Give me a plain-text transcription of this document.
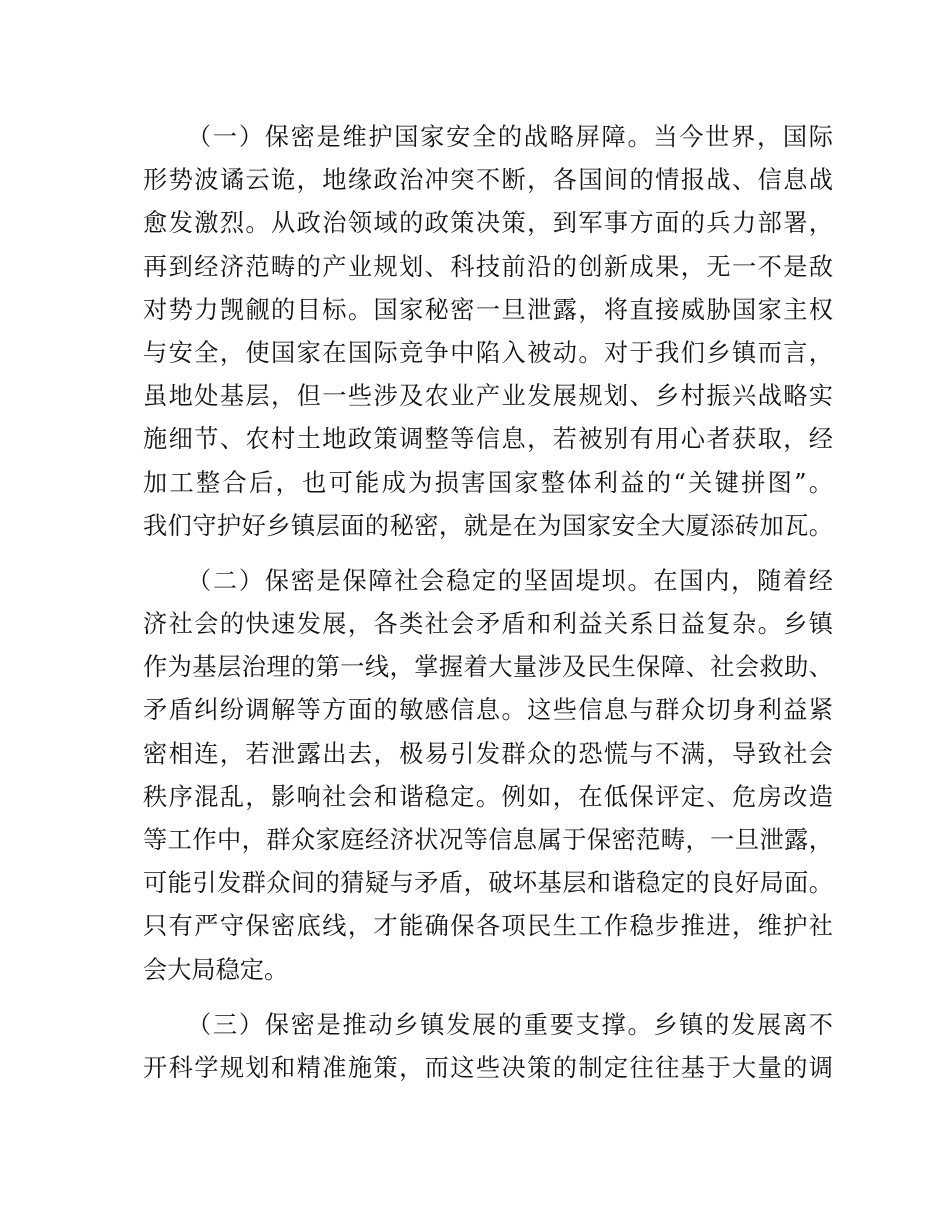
（一）保密是维护国家安全的战略屏障。当今世界，国际
形势波谲云诡，地缘政治冲突不断，各国间的情报战、信息战
愈发激烈。从政治领域的政策决策，到军事方面的兵力部署，
再到经济范畴的产业规划、科技前沿的创新成果，无一不是敌
对势力觊觎的目标。国家秘密一旦泄露，将直接威胁国家主权
与安全，使国家在国际竞争中陷入被动。对于我们乡镇而言，
虽地处基层，但一些涉及农业产业发展规划、乡村振兴战略实
施细节、农村土地政策调整等信息，若被别有用心者获取，经
加工整合后，也可能成为损害国家整体利益的“关键拼图”。
我们守护好乡镇层面的秘密，就是在为国家安全大厦添砖加瓦。
（二）保密是保障社会稳定的坚固堤坝。在国内，随着经
济社会的快速发展，各类社会矛盾和利益关系日益复杂。乡镇
作为基层治理的第一线，掌握着大量涉及民生保障、社会救助、
矛盾纠纷调解等方面的敏感信息。这些信息与群众切身利益紧
密相连，若泄露出去，极易引发群众的恐慌与不满，导致社会
秩序混乱，影响社会和谐稳定。例如，在低保评定、危房改造
等工作中，群众家庭经济状况等信息属于保密范畴，一旦泄露，
可能引发群众间的猜疑与矛盾，破坏基层和谐稳定的良好局面。
只有严守保密底线，才能确保各项民生工作稳步推进，维护社
会大局稳定。
（三）保密是推动乡镇发展的重要支撑。乡镇的发展离不
开科学规划和精准施策，而这些决策的制定往往基于大量的调
